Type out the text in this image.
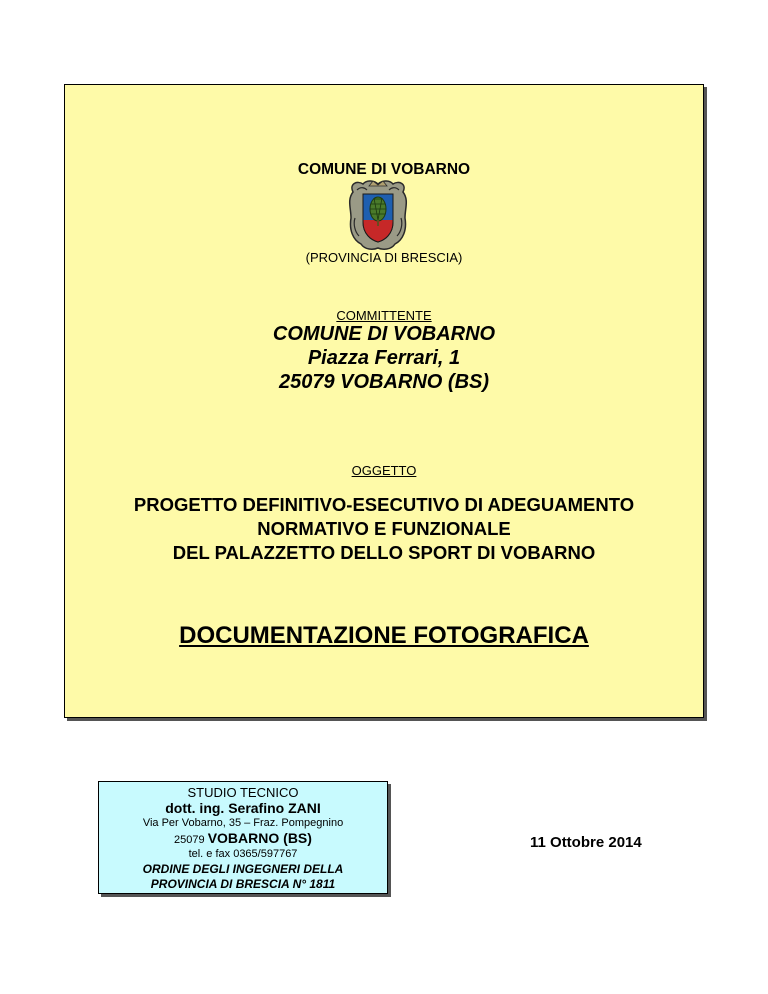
COMUNE DI VOBARNO

(PROVINCIA DI BRESCIA)

COMMITTENTE

COMUNE DI VOBARNO

Piazza Ferrari, 1

25079 VOBARNO (BS)

OGGETTO

PROGETTO DEFINITIVO-ESECUTIVO DI ADEGUAMENTO

NORMATIVO E FUNZIONALE

DEL PALAZZETTO DELLO SPORT DI VOBARNO

DOCUMENTAZIONE FOTOGRAFICA

STUDIO TECNICO

dott. ing. Serafino ZANI

Via Per Vobarno, 35 – Fraz. Pompegnino

25079 VOBARNO (BS)

tel. e fax 0365/597767

ORDINE DEGLI INGEGNERI DELLA

PROVINCIA DI BRESCIA N° 1811

11 Ottobre 2014
